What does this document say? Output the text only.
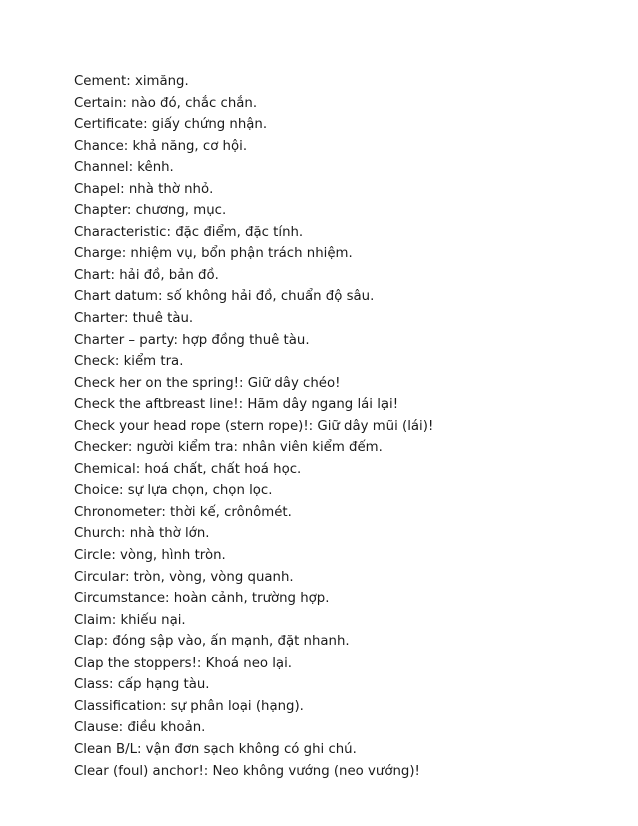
Cement: ximăng.
Certain: nào đó, chắc chắn.
Certificate: giấy chứng nhận.
Chance: khả năng, cơ hội.
Channel: kênh.
Chapel: nhà thờ nhỏ.
Chapter: chương, mục.
Characteristic: đặc điểm, đặc tính.
Charge: nhiệm vụ, bổn phận trách nhiệm.
Chart: hải đồ, bản đồ.
Chart datum: số không hải đồ, chuẩn độ sâu.
Charter: thuê tàu.
Charter – party: hợp đồng thuê tàu.
Check: kiểm tra.
Check her on the spring!: Giữ dây chéo!
Check the aftbreast line!: Hãm dây ngang lái lại!
Check your head rope (stern rope)!: Giữ dây mũi (lái)!
Checker: người kiểm tra: nhân viên kiểm đếm.
Chemical: hoá chất, chất hoá học.
Choice: sự lựa chọn, chọn lọc.
Chronometer: thời kế, crônômét.
Church: nhà thờ lớn.
Circle: vòng, hình tròn.
Circular: tròn, vòng, vòng quanh.
Circumstance: hoàn cảnh, trường hợp.
Claim: khiếu nại.
Clap: đóng sập vào, ấn mạnh, đặt nhanh.
Clap the stoppers!: Khoá neo lại.
Class: cấp hạng tàu.
Classification: sự phân loại (hạng).
Clause: điều khoản.
Clean B/L: vận đơn sạch không có ghi chú.
Clear (foul) anchor!: Neo không vướng (neo vướng)!
